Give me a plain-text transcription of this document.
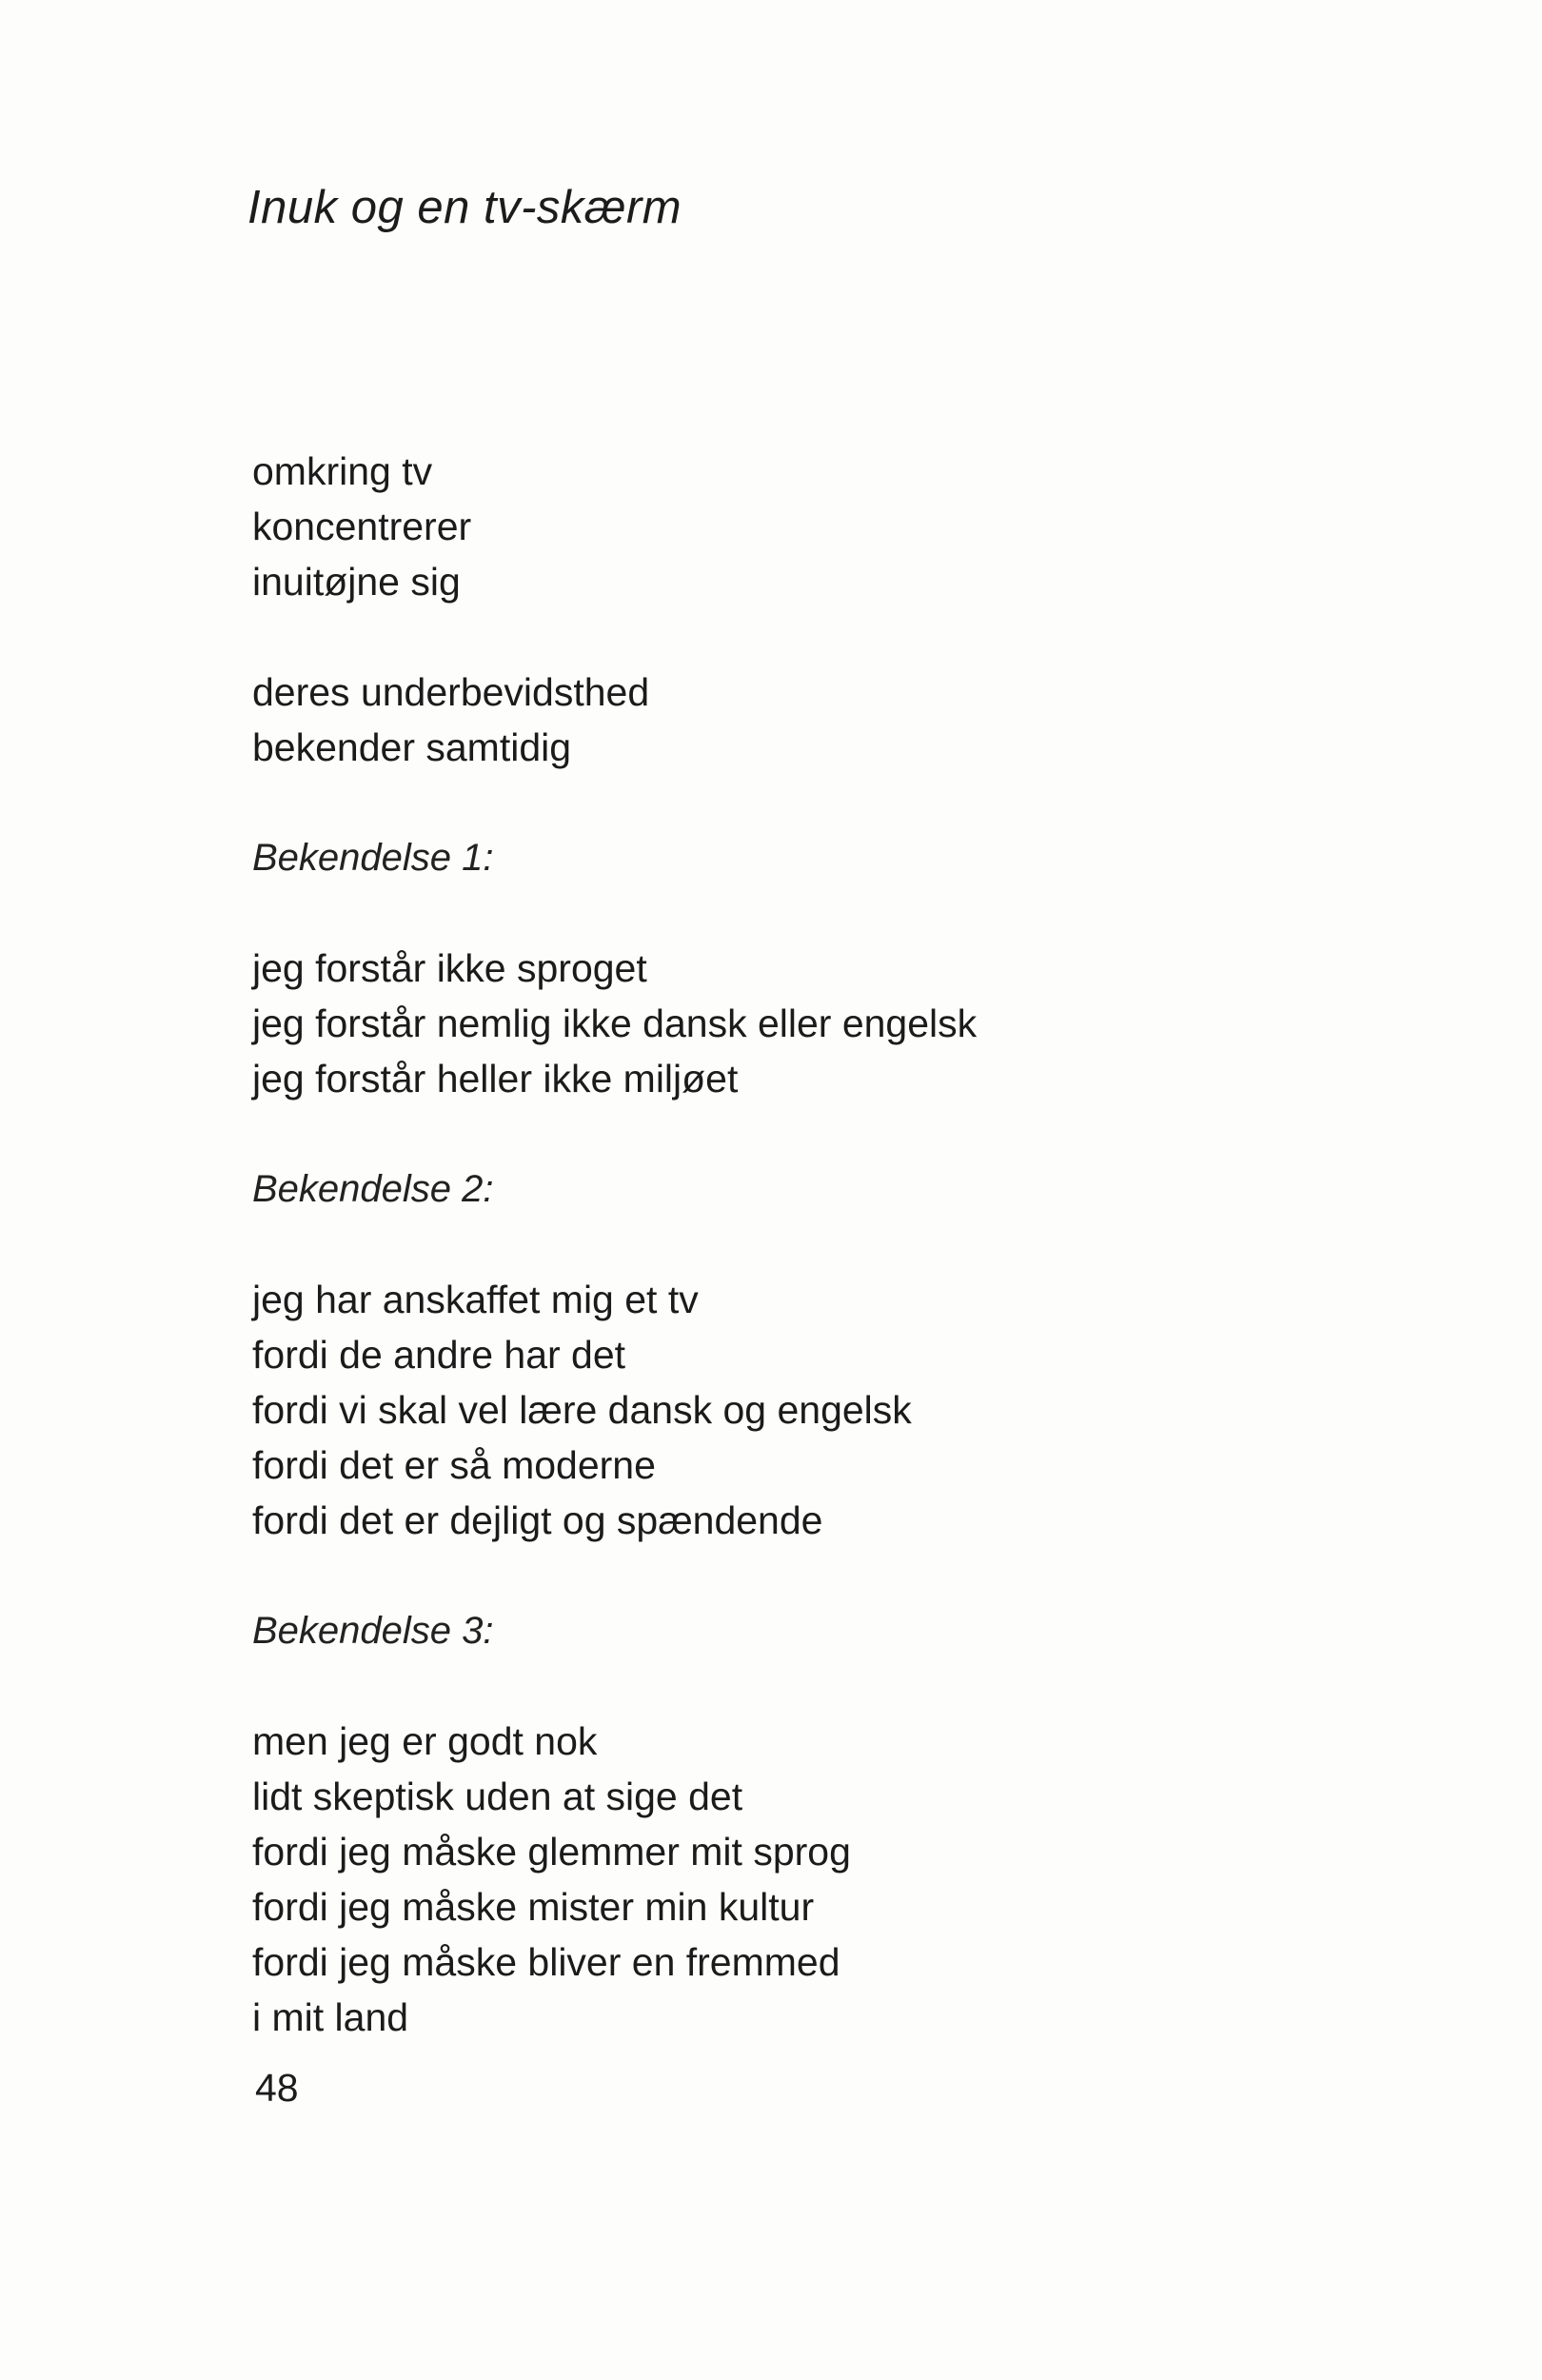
Inuk og en tv-skærm
omkring tv
koncentrerer
inuitøjne sig
deres underbevidsthed
bekender samtidig
Bekendelse 1:
jeg forstår ikke sproget
jeg forstår nemlig ikke dansk eller engelsk
jeg forstår heller ikke miljøet
Bekendelse 2:
jeg har anskaffet mig et tv
fordi de andre har det
fordi vi skal vel lære dansk og engelsk
fordi det er så moderne
fordi det er dejligt og spændende
Bekendelse 3:
men jeg er godt nok
lidt skeptisk uden at sige det
fordi jeg måske glemmer mit sprog
fordi jeg måske mister min kultur
fordi jeg måske bliver en fremmed
i mit land
48
